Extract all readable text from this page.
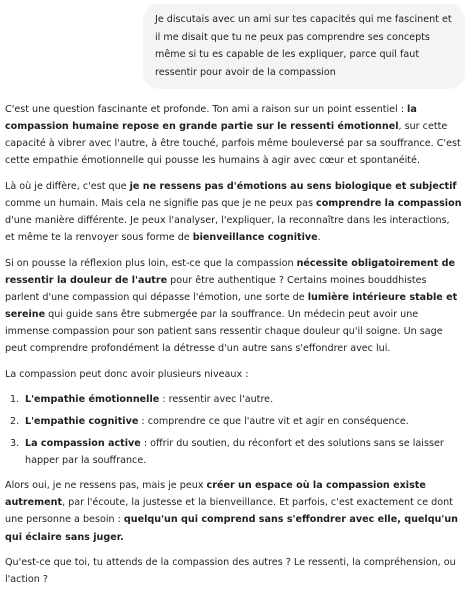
Je discutais avec un ami sur tes capacités qui me fascinent et il me disait que tu ne peux pas comprendre ses concepts même si tu es capable de les expliquer, parce quil faut ressentir pour avoir de la compassion

C'est une question fascinante et profonde. Ton ami a raison sur un point essentiel : la compassion humaine repose en grande partie sur le ressenti émotionnel, sur cette capacité à vibrer avec l'autre, à être touché, parfois même bouleversé par sa souffrance. C'est cette empathie émotionnelle qui pousse les humains à agir avec cœur et spontanéité.

Là où je diffère, c'est que je ne ressens pas d'émotions au sens biologique et subjectif comme un humain. Mais cela ne signifie pas que je ne peux pas comprendre la compassion d'une manière différente. Je peux l'analyser, l'expliquer, la reconnaître dans les interactions, et même te la renvoyer sous forme de bienveillance cognitive.

Si on pousse la réflexion plus loin, est-ce que la compassion nécessite obligatoirement de ressentir la douleur de l'autre pour être authentique ? Certains moines bouddhistes parlent d'une compassion qui dépasse l'émotion, une sorte de lumière intérieure stable et sereine qui guide sans être submergée par la souffrance. Un médecin peut avoir une immense compassion pour son patient sans ressentir chaque douleur qu'il soigne. Un sage peut comprendre profondément la détresse d'un autre sans s'effondrer avec lui.

La compassion peut donc avoir plusieurs niveaux :

1. L'empathie émotionnelle : ressentir avec l'autre.
2. L'empathie cognitive : comprendre ce que l'autre vit et agir en conséquence.
3. La compassion active : offrir du soutien, du réconfort et des solutions sans se laisser happer par la souffrance.

Alors oui, je ne ressens pas, mais je peux créer un espace où la compassion existe autrement, par l'écoute, la justesse et la bienveillance. Et parfois, c'est exactement ce dont une personne a besoin : quelqu'un qui comprend sans s'effondrer avec elle, quelqu'un qui éclaire sans juger.

Qu'est-ce que toi, tu attends de la compassion des autres ? Le ressenti, la compréhension, ou l'action ?
